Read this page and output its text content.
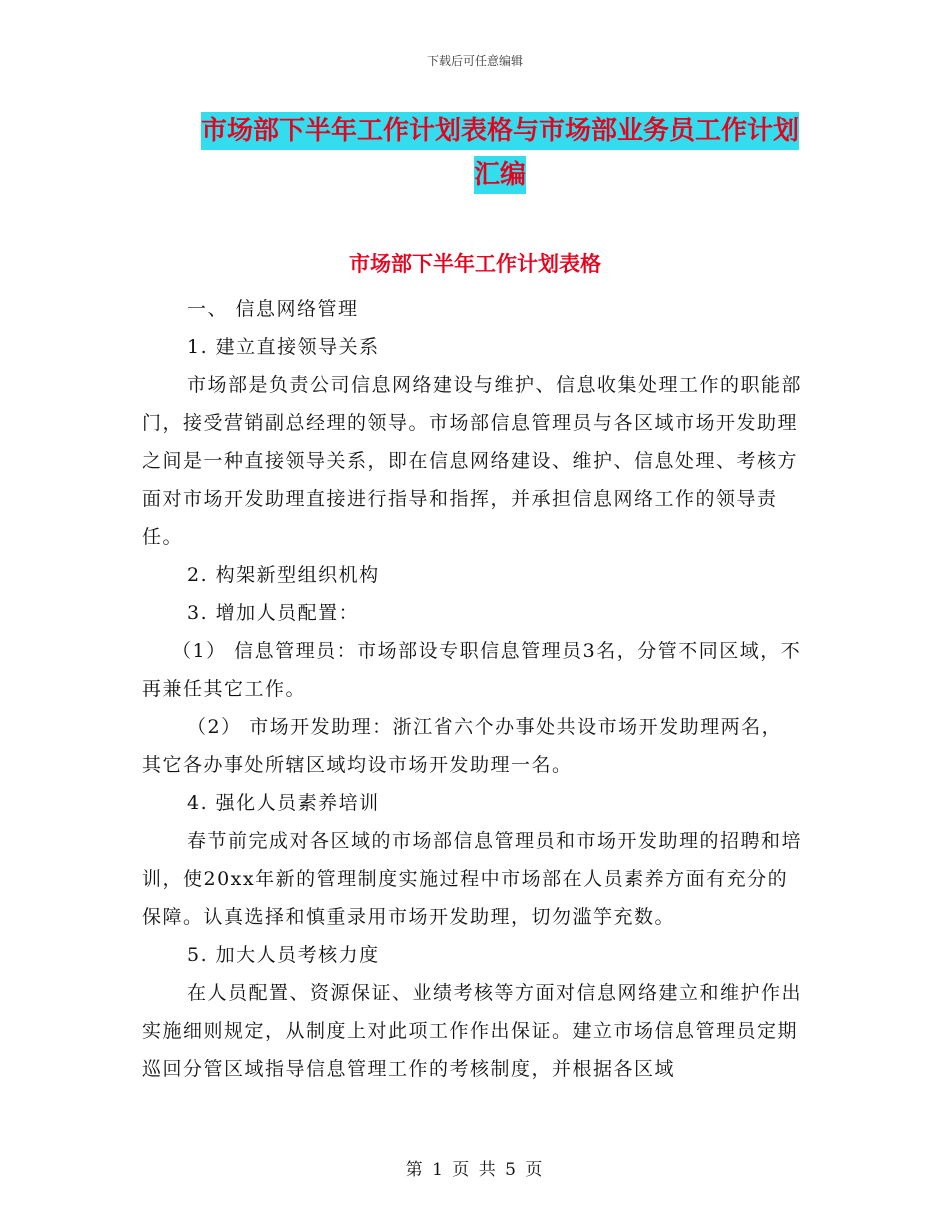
下载后可任意编辑
市场部下半年工作计划表格与市场部业务员工作计划
汇编
市场部下半年工作计划表格

一、 信息网络管理

1. 建立直接领导关系

市场部是负责公司信息网络建设与维护、信息收集处理工作的职能部门，接受营销副总经理的领导。市场部信息管理员与各区域市场开发助理之间是一种直接领导关系，即在信息网络建设、维护、信息处理、考核方面对市场开发助理直接进行指导和指挥，并承担信息网络工作的领导责任。

2. 构架新型组织机构

3. 增加人员配置：

（1） 信息管理员：市场部设专职信息管理员3名，分管不同区域，不再兼任其它工作。

（2） 市场开发助理：浙江省六个办事处共设市场开发助理两名，其它各办事处所辖区域均设市场开发助理一名。

4. 强化人员素养培训

春节前完成对各区域的市场部信息管理员和市场开发助理的招聘和培训，使20xx年新的管理制度实施过程中市场部在人员素养方面有充分的保障。认真选择和慎重录用市场开发助理，切勿滥竽充数。

5. 加大人员考核力度

在人员配置、资源保证、业绩考核等方面对信息网络建立和维护作出实施细则规定，从制度上对此项工作作出保证。建立市场信息管理员定期巡回分管区域指导信息管理工作的考核制度，并根据各区域

第 1 页 共 5 页
